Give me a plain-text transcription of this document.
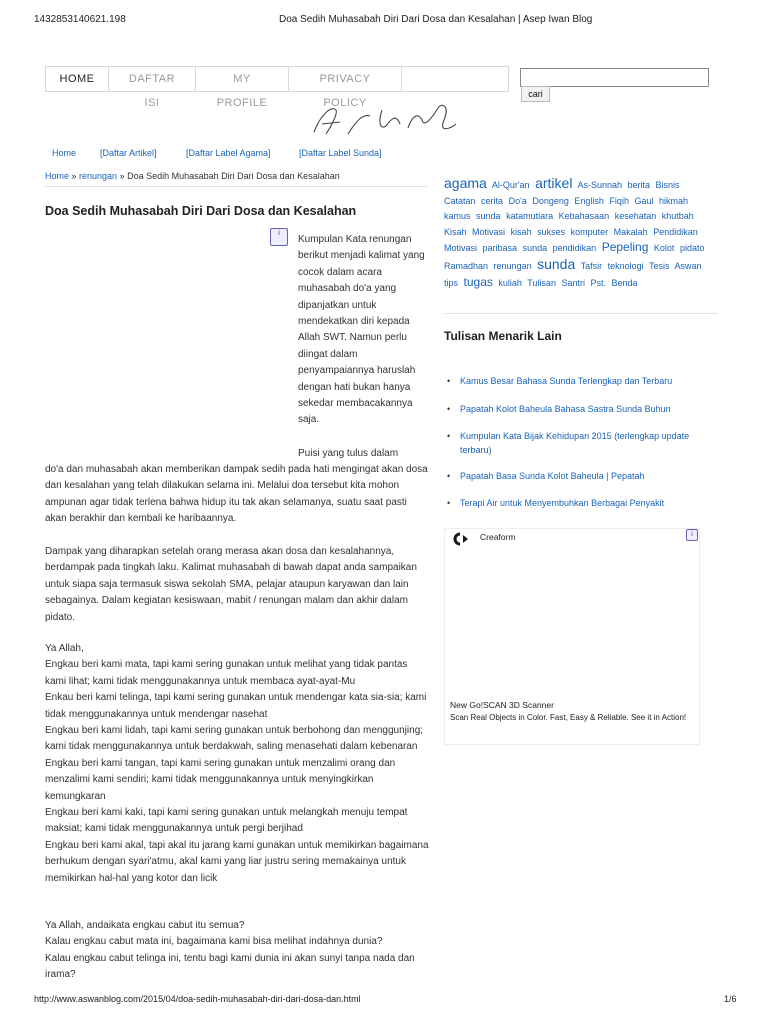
1432853140621.198	Doa Sedih Muhasabah Diri Dari Dosa dan Kesalahan | Asep Iwan Blog
HOME	DAFTAR ISI
MY PROFILE
PRIVACY POLICY
cari
Home	[Daftar Artikel]	[Daftar Label Agama]	[Daftar Label Sunda]
Home » renungan » Doa Sedih Muhasabah Diri Dari Dosa dan Kesalahan
Doa Sedih Muhasabah Diri Dari Dosa dan Kesalahan
i
Kumpulan Kata renungan berikut menjadi kalimat yang cocok dalam acara muhasabah do'a yang dipanjatkan untuk mendekatkan diri kepada Allah SWT. Namun perlu diingat dalam penyampaiannya haruslah dengan hati bukan hanya sekedar membacakannya saja.
Puisi yang tulus dalam
do'a dan muhasabah akan memberikan dampak sedih pada hati mengingat akan dosa dan kesalahan yang telah dilakukan selama ini. Melalui doa tersebut kita mohon ampunan agar tidak terlena bahwa hidup itu tak akan selamanya, suatu saat pasti akan berakhir dan kembali ke haribaannya.
Dampak yang diharapkan setelah orang merasa akan dosa dan kesalahannya, berdampak pada tingkah laku. Kalimat muhasabah di bawah dapat anda sampaikan untuk siapa saja termasuk siswa sekolah SMA, pelajar ataupun karyawan dan lain sebagainya. Dalam kegiatan kesiswaan, mabit / renungan malam dan akhir dalam pidato.
Ya Allah,
Engkau beri kami mata, tapi kami sering gunakan untuk melihat yang tidak pantas kami lihat; kami tidak menggunakannya untuk membaca ayat-ayat-Mu
Enkau beri kami telinga, tapi kami sering gunakan untuk mendengar kata sia-sia; kami tidak menggunakannya untuk mendengar nasehat
Engkau beri kami lidah, tapi kami sering gunakan untuk berbohong dan menggunjing; kami tidak menggunakannya untuk berdakwah, saling menasehati dalam kebenaran
Engkau beri kami tangan, tapi kami sering gunakan untuk menzalimi orang dan menzalimi kami sendiri; kami tidak menggunakannya untuk menyingkirkan kemungkaran
Engkau beri kami kaki, tapi kami sering gunakan untuk melangkah menuju tempat maksiat; kami tidak menggunakannya untuk pergi berjihad
Engkau beri kami akal, tapi akal itu jarang kami gunakan untuk memikirkan bagaimana berhukum dengan syari'atmu, akal kami yang liar justru sering memakainya untuk memikirkan hal-hal yang kotor dan licik
Ya Allah, andaikata engkau cabut itu semua?
Kalau engkau cabut mata ini, bagaimana kami bisa melihat indahnya dunia?
Kalau engkau cabut telinga ini, tentu bagi kami dunia ini akan sunyi tanpa nada dan irama?
agama Al-Qur'an artikel As-Sunnah berita Bisnis Catatan cerita Do'a Dongeng English Fiqih Gaul hikmah kamus sunda katamutiara Kebahasaan kesehatan khutbah Kisah Motivasi kisah sukses komputer Makalah Pendidikan Motivasi paribasa sunda pendidikan Pepeling Kolot pidato Ramadhan renungan sunda Tafsir teknologi Tesis Aswan tips tugas kuliah Tulisan Santri Pst. Benda
Tulisan Menarik Lain
• Kamus Besar Bahasa Sunda Terlengkap dan Terbaru
• Papatah Kolot Baheula Bahasa Sastra Sunda Buhun
• Kumpulan Kata Bijak Kehidupan 2015 (terlengkap update terbaru)
• Papatah Basa Sunda Kolot Baheula | Pepatah
• Terapi Air untuk Menyembuhkan Berbagai Penyakit
Creaform	i
New Go!SCAN 3D Scanner
Scan Real Objects in Color. Fast, Easy & Reliable. See it in Action!
http://www.aswanblog.com/2015/04/doa-sedih-muhasabah-diri-dari-dosa-dan.html	1/6
